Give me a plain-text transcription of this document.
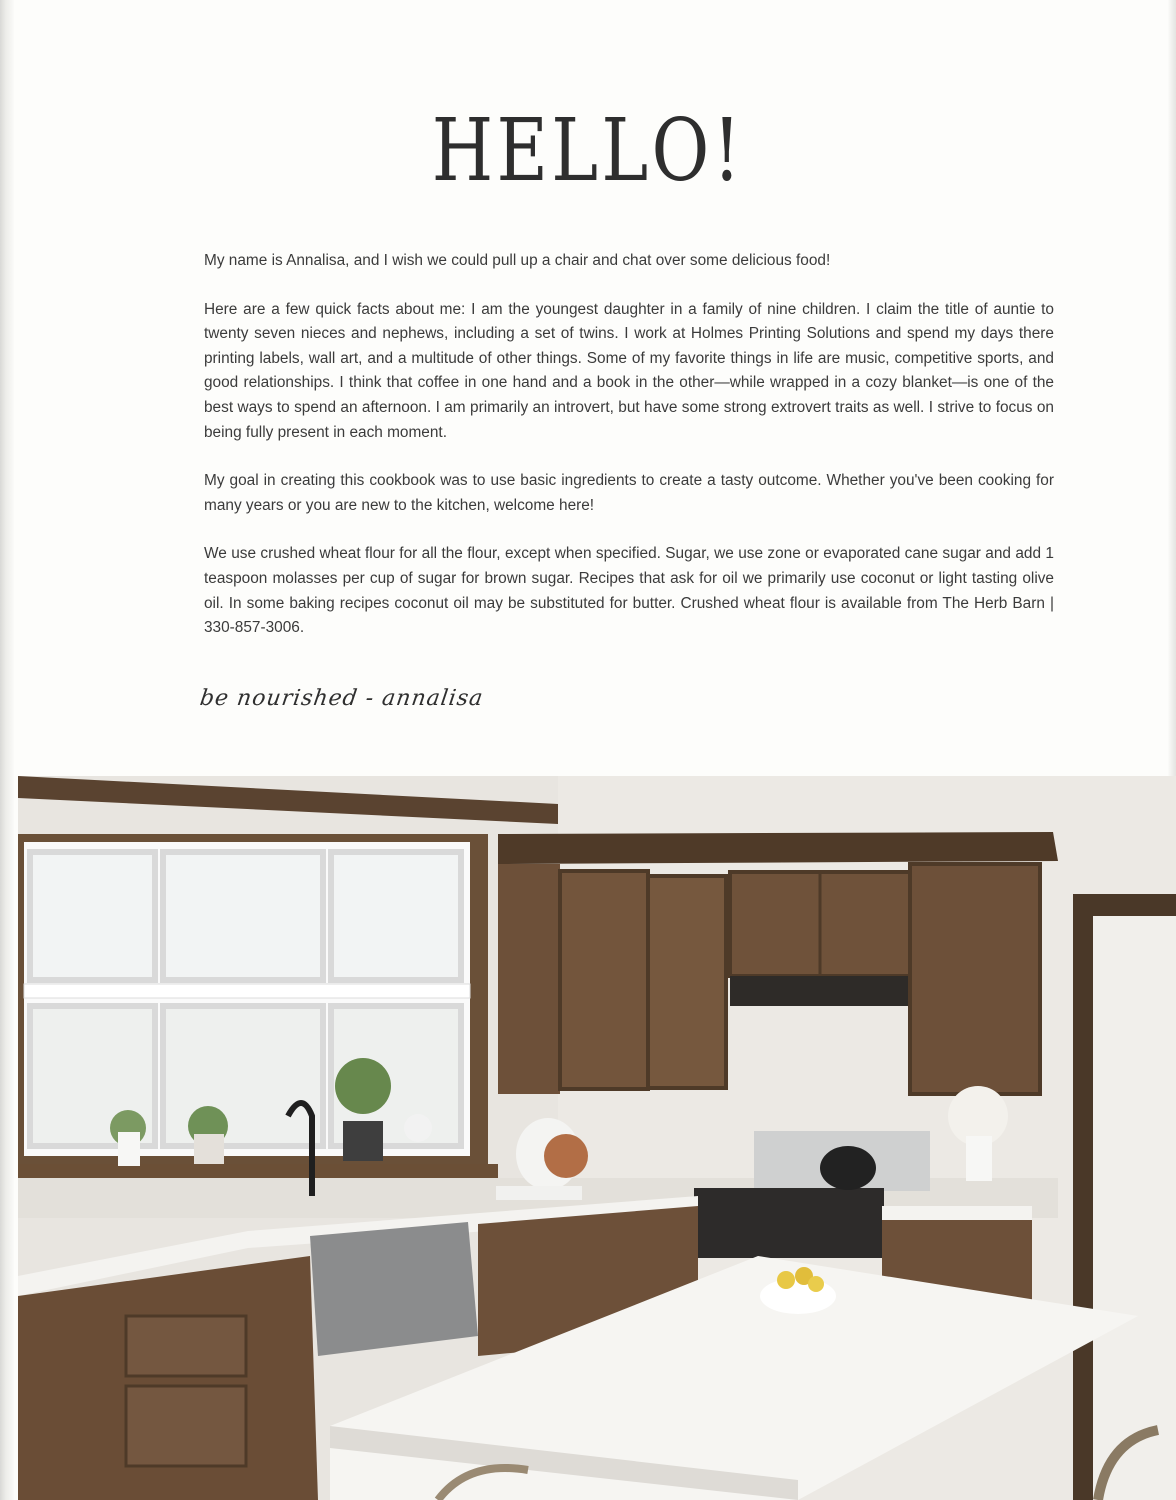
HELLO!

My name is Annalisa, and I wish we could pull up a chair and chat over some delicious food!

Here are a few quick facts about me: I am the youngest daughter in a family of nine children. I claim the title of auntie to twenty seven nieces and nephews, including a set of twins. I work at Holmes Printing Solutions and spend my days there printing labels, wall art, and a multitude of other things. Some of my favorite things in life are music, competitive sports, and good relationships. I think that coffee in one hand and a book in the other—while wrapped in a cozy blanket—is one of the best ways to spend an afternoon. I am primarily an introvert, but have some strong extrovert traits as well. I strive to focus on being fully present in each moment.

My goal in creating this cookbook was to use basic ingredients to create a tasty outcome. Whether you've been cooking for many years or you are new to the kitchen, welcome here!

We use crushed wheat flour for all the flour, except when specified. Sugar, we use zone or evaporated cane sugar and add 1 teaspoon molasses per cup of sugar for brown sugar. Recipes that ask for oil we primarily use coconut or light tasting olive oil. In some baking recipes coconut oil may be substituted for butter. Crushed wheat flour is available from The Herb Barn | 330-857-3006.

be nourished - annalisa
